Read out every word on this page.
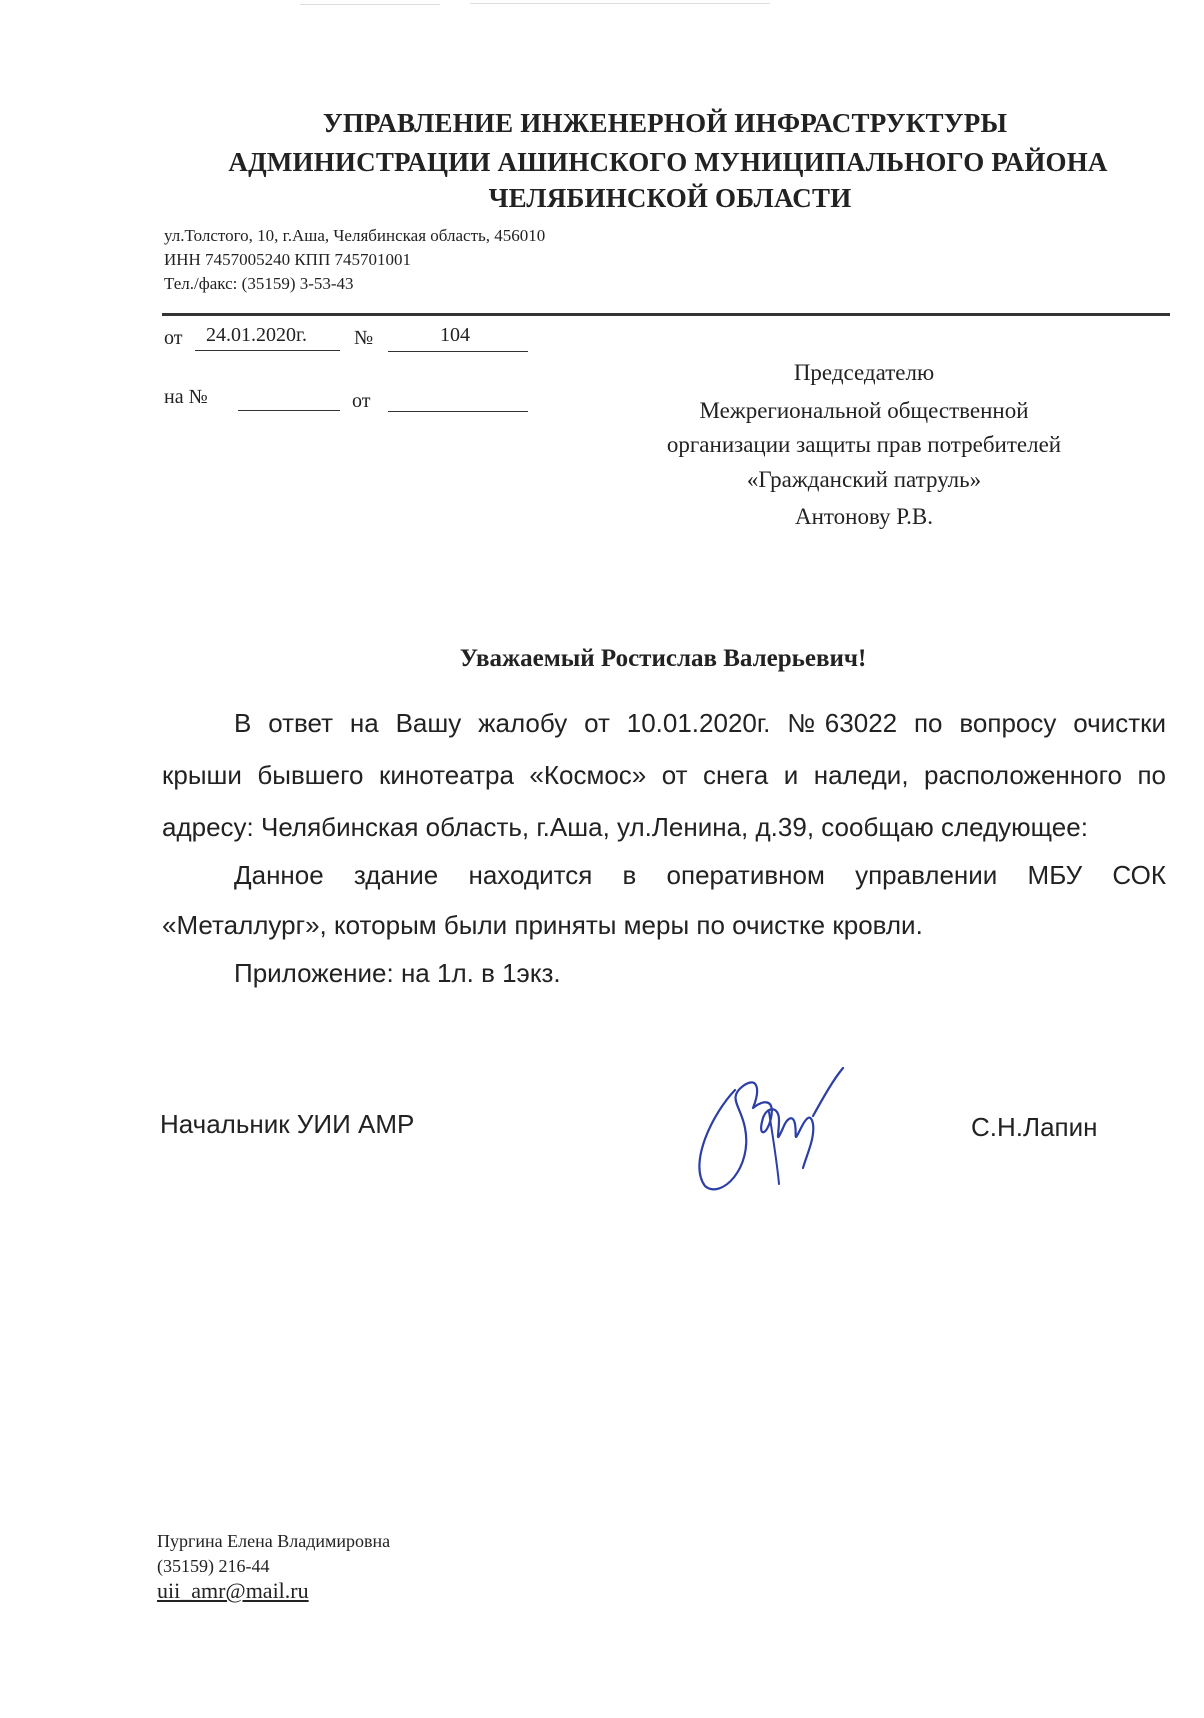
УПРАВЛЕНИЕ ИНЖЕНЕРНОЙ ИНФРАСТРУКТУРЫ
АДМИНИСТРАЦИИ АШИНСКОГО МУНИЦИПАЛЬНОГО РАЙОНА
ЧЕЛЯБИНСКОЙ ОБЛАСТИ
ул.Толстого, 10, г.Аша, Челябинская область, 456010
ИНН 7457005240 КПП 745701001
Тел./факс: (35159) 3-53-43
от 24.01.2020г. №	104
на №	от
Председателю
Межрегиональной общественной
организации защиты прав потребителей
«Гражданский патруль»
Антонову Р.В.
Уважаемый Ростислав Валерьевич!
В ответ на Вашу жалобу от 10.01.2020г. №63022 по вопросу очистки
крыши бывшего кинотеатра «Космос» от снега и наледи, расположенного по
адресу: Челябинская область, г.Аша, ул.Ленина, д.39, сообщаю следующее:
Данное здание находится в оперативном управлении МБУ СОК
«Металлург», которым были приняты меры по очистке кровли.
Приложение: на 1л. в 1экз.
Начальник УИИ АМР	С.Н.Лапин
Пургина Елена Владимировна
(35159) 216-44
uii_amr@mail.ru
